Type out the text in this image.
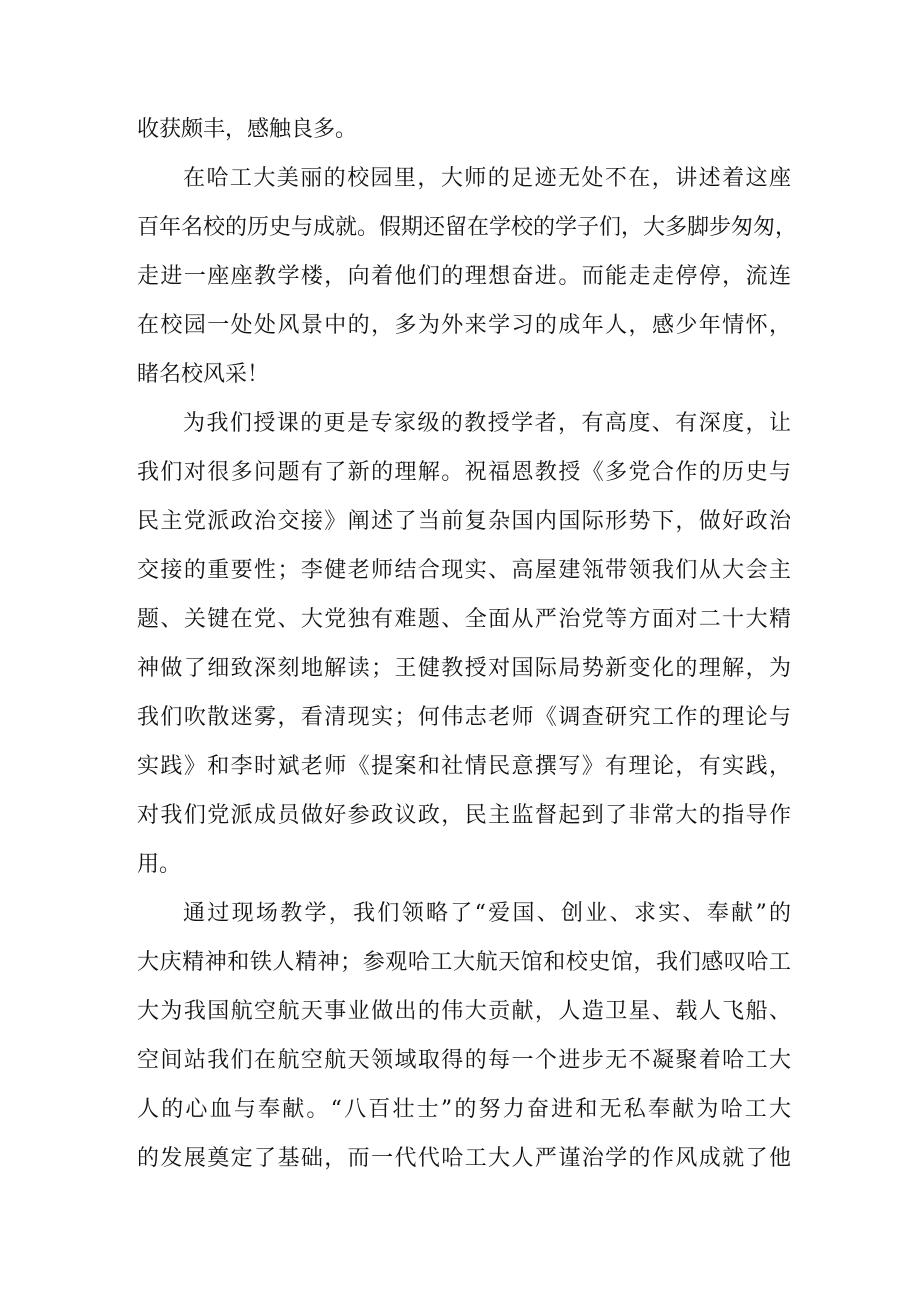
收获颇丰，感触良多。
在哈工大美丽的校园里，大师的足迹无处不在，讲述着这座
百年名校的历史与成就。假期还留在学校的学子们，大多脚步匆匆，
走进一座座教学楼，向着他们的理想奋进。而能走走停停，流连
在校园一处处风景中的，多为外来学习的成年人，感少年情怀，
睹名校风采！
为我们授课的更是专家级的教授学者，有高度、有深度，让
我们对很多问题有了新的理解。祝福恩教授《多党合作的历史与
民主党派政治交接》阐述了当前复杂国内国际形势下，做好政治
交接的重要性；李健老师结合现实、高屋建瓴带领我们从大会主
题、关键在党、大党独有难题、全面从严治党等方面对二十大精
神做了细致深刻地解读；王健教授对国际局势新变化的理解，为
我们吹散迷雾，看清现实；何伟志老师《调查研究工作的理论与
实践》和李时斌老师《提案和社情民意撰写》有理论，有实践，
对我们党派成员做好参政议政，民主监督起到了非常大的指导作
用。
通过现场教学，我们领略了“爱国、创业、求实、奉献”的
大庆精神和铁人精神；参观哈工大航天馆和校史馆，我们感叹哈工
大为我国航空航天事业做出的伟大贡献，人造卫星、载人飞船、
空间站我们在航空航天领域取得的每一个进步无不凝聚着哈工大
人的心血与奉献。“八百壮士”的努力奋进和无私奉献为哈工大
的发展奠定了基础，而一代代哈工大人严谨治学的作风成就了他
